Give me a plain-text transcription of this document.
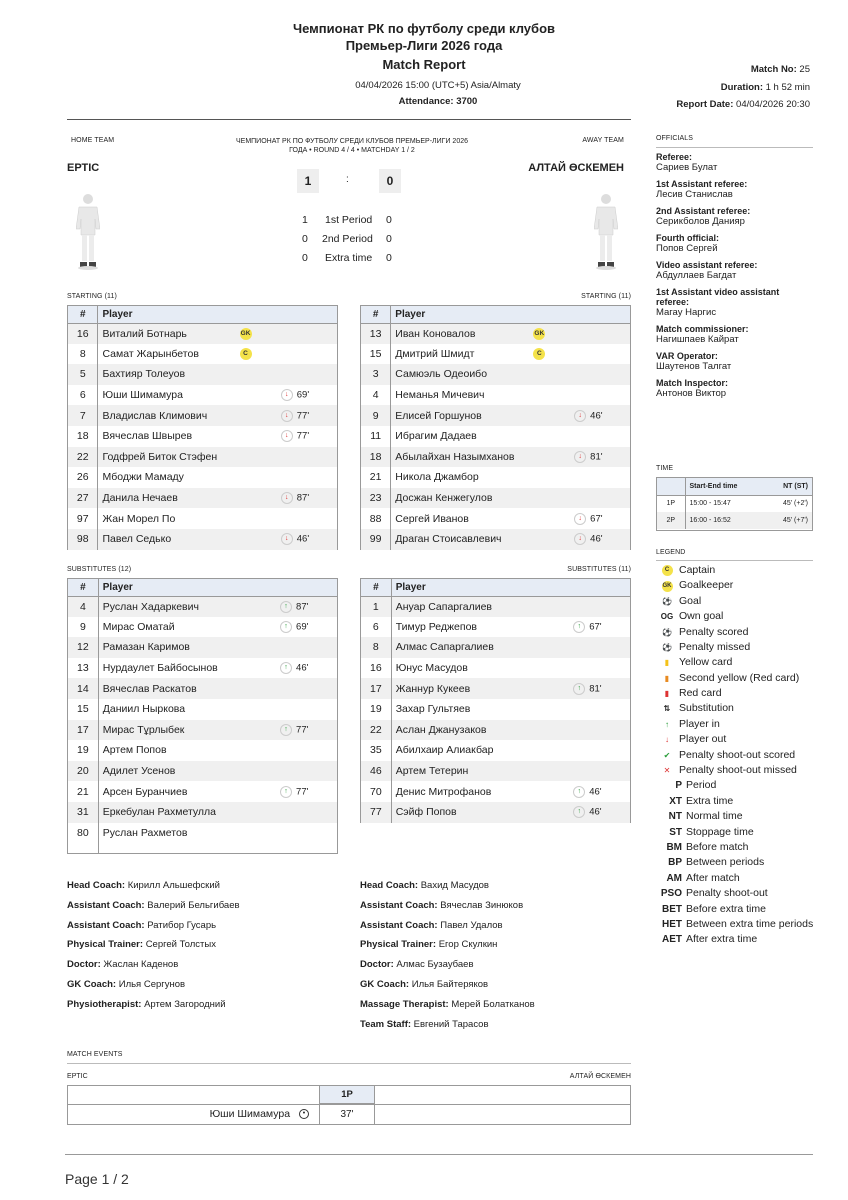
Чемпионат РК по футболу среди клубов
Премьер-Лиги 2026 года
Match Report
04/04/2026 15:00 (UTC+5) Asia/Almaty
Attendance: 3700
Match No: 25
Duration: 1 h 52 min
Report Date: 04/04/2026 20:30
HOME TEAM	AWAY TEAM
ЧЕМПИОНАТ РК ПО ФУТБОЛУ СРЕДИ КЛУБОВ ПРЕМЬЕР-ЛИГИ 2026 ГОДА • ROUND 4 / 4 • MATCHDAY 1 / 2
ЕРТІС	АЛТАЙ ӨСКЕМЕН
1	:	0
1 1st Period 0
0 2nd Period 0
0 Extra time 0
STARTING (11)	STARTING (11)
#	Player		
16	Виталий Ботнарь	GK	
8	Самат Жарынбетов	C	
5	Бахтияр Толеуов		
6	Юши Шимамура		↓ 69'
7	Владислав Климович		↓ 77'
18	Вячеслав Швырев		↓ 77'
22	Годфрей Биток Стэфен		
26	Мбоджи Мамаду		
27	Данила Нечаев		↓ 87'
97	Жан Морел По		
98	Павел Седько		↓ 46'
#	Player		
13	Иван Коновалов	GK	
15	Дмитрий Шмидт	C	
3	Самюэль Одеоибо		
4	Неманья Мичевич		
9	Елисей Горшунов		↓ 46'
11	Ибрагим Дадаев		
18	Абылайхан Назымханов		↓ 81'
21	Никола Джамбор		
23	Досжан Кенжегулов		
88	Сергей Иванов		↓ 67'
99	Драган Стоисавлевич		↓ 46'
#	Player		
4	Руслан Хадаркевич		↑ 87'
9	Мирас Оматай		↑ 69'
12	Рамазан Каримов		
13	Нурдаулет Байбосынов		↑ 46'
14	Вячеслав Раскатов		
15	Даниил Ныркова		
17	Мирас Тұрлыбек		↑ 77'
19	Артем Попов		
20	Адилет Усенов		
21	Арсен Буранчиев		↑ 77'
31	Еркебулан Рахметулла		
80	Руслан Рахметов		
#	Player		
1	Ануар Сапаргалиев		
6	Тимур Реджепов		↑ 67'
8	Алмас Сапаргалиев		
16	Юнус Масудов		
17	Жаннур Кукеев		↑ 81'
19	Захар Гультяев		
22	Аслан Джанузаков		
35	Абилхаир Алиакбар		
46	Артем Тетерин		
70	Денис Митрофанов		↑ 46'
77	Сэйф Попов		↑ 46'
SUBSTITUTES (12)	SUBSTITUTES (11)
Head Coach: Кирилл Альшефский
Assistant Coach: Валерий Бельгибаев
Assistant Coach: Ратибор Гусарь
Physical Trainer: Сергей Толстых
Doctor: Жаслан Каденов
GK Coach: Илья Сергунов
Physiotherapist: Артем Загородний
Head Coach: Вахид Масудов
Assistant Coach: Вячеслав Зинюков
Assistant Coach: Павел Удалов
Physical Trainer: Егор Скулкин
Doctor: Алмас Бузаубаев
GK Coach: Илья Байтеряков
Massage Therapist: Мерей Болатканов
Team Staff: Евгений Тарасов
OFFICIALS
Referee:
Сариев Булат
1st Assistant referee:
Лесив Станислав
2nd Assistant referee:
Серикболов Данияр
Fourth official:
Попов Сергей
Video assistant referee:
Абдуллаев Багдат
1st Assistant video assistant referee:
Магау Наргис
Match commissioner:
Нагишпаев Кайрат
VAR Operator:
Шаутенов Талгат
Match Inspector:
Антонов Виктор
TIME
	Start-End time	NT (ST)
1P	15:00 - 15:47	45' (+2')
2P	16:00 - 16:52	45' (+7')
LEGEND
C Captain
GK Goalkeeper
⚽ Goal
OG Own goal
⚽ Penalty scored
⚽ Penalty missed
▮ Yellow card
▮ Second yellow (Red card)
▮ Red card
⇅ Substitution
↑ Player in
↓ Player out
✔ Penalty shoot-out scored
✕ Penalty shoot-out missed
P Period
XT Extra time
NT Normal time
ST Stoppage time
BM Before match
BP Between periods
AM After match
PSO Penalty shoot-out
BET Before extra time
HET Between extra time periods
AET After extra time
MATCH EVENTS
ЕРТІС	АЛТАЙ ӨСКЕМЕН
1P
Юши Шимамура •	37'
Page 1 / 2
